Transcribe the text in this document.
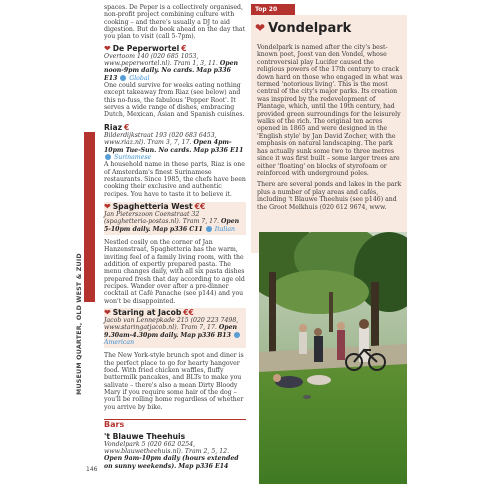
MUSEUM QUARTER, OLD WEST & ZUID
146

spaces. De Peper is a collectively organised, non-profit project combining culture with cooking – and there's usually a DJ to aid digestion. But do book ahead on the day that you plan to visit (call 5-7pm).

❤ De Peperwortel €
Overtoom 140 (020 685 1053, www.peperwortel.nl). Tram 1, 3, 11. Open noon-9pm daily. No cards. Map p336 E13 Global

One could survive for weeks eating nothing except takeaway from Riaz (see below) and this no-fuss, the fabulous 'Pepper Root'. It serves a wide range of dishes, embracing Dutch, Mexican, Asian and Spanish cuisines.

Riaz €
Bilderdijkstraat 193 (020 683 6453, www.riaz.nl). Tram 3, 7, 17. Open 4pm-10pm Tue-Sun. No cards. Map p336 E11  Surinamese

A household name in these parts, Riaz is one of Amsterdam's finest Surinamese restaurants. Since 1985, the chefs have been cooking their exclusive and authentic recipes. You have to taste it to believe it.

❤ Spaghetteria West €€
Jan Pieterszoon Coenstraat 32 (spaghetteria-postas.nl). Tram 7, 17. Open 5-10pm daily. Map p336 C11 Italian

Nestled cosily on the corner of Jan Hanzenstraat, Spaghetteria has the warm, inviting feel of a family living room, with the addition of expertly prepared pasta. The menu changes daily, with all six pasta dishes prepared fresh that day according to age old recipes. Wander over after a pre-dinner cocktail at Café Panache (see p144) and you won't be disappointed.

❤ Staring at Jacob €€
Jacob van Lennepkade 215 (020 223 7498, www.staringatjacob.nl). Tram 7, 17. Open 9.30am-4.30pm daily. Map p336 B13  American

The New York-style brunch spot and diner is the perfect place to go for hearty hangover food. With fried chicken waffles, fluffy buttermilk pancakes, and BLTs to make you salivate – there's also a mean Dirty Bloody Mary if you require some hair of the dog – you'll be rolling home regardless of whether you arrive by bike.

Bars
't Blauwe Theehuis
Vondelpark 5 (020 662 0254, www.blauwetheehuis.nl). Tram 2, 5, 12. Open 9am-10pm daily (hours extended on sunny weekends). Map p336 E14
Top 20
❤ Vondelpark

Vondelpark is named after the city's best-known poet, Joost van den Vondel, whose controversial play Lucifer caused the religious powers of the 17th century to crack down hard on those who engaged in what was termed 'notorious living'. This is the most central of the city's major parks. Its creation was inspired by the redevelopment of Plantage, which, until the 19th century, had provided green surroundings for the leisurely walks of the rich. The original ten acres opened in 1865 and were designed in the 'English style' by Jan David Zocher, with the emphasis on natural landscaping. The park has actually sunk some two to three metres since it was first built – some larger trees are either 'floating' on blocks of styrofoam or reinforced with underground poles.

There are several ponds and lakes in the park plus a number of play areas and cafés, including 't Blauwe Theehuis (see p146) and the Groot Melkhuis (020 612 9674, www.
